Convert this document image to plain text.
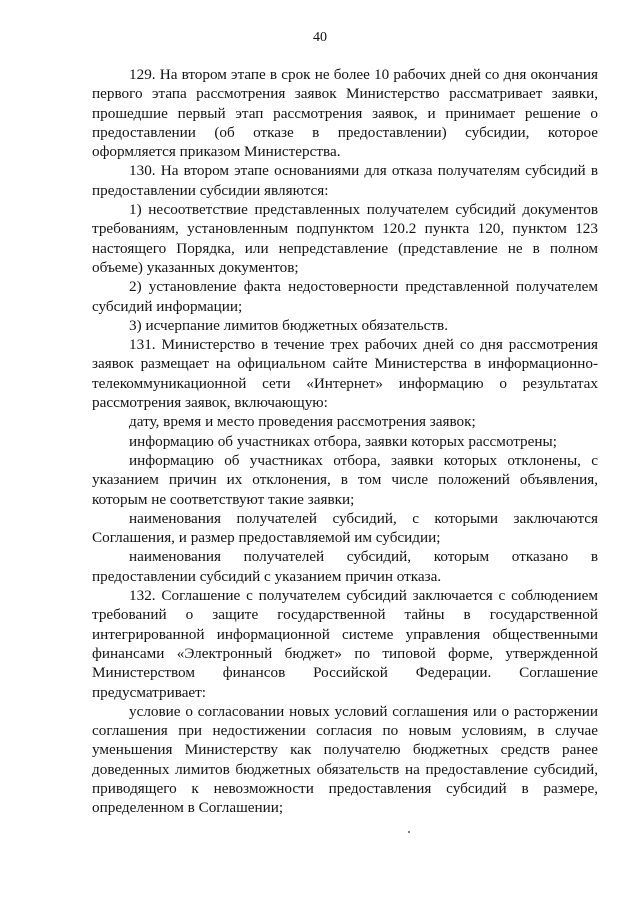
40

129. На втором этапе в срок не более 10 рабочих дней со дня окончания первого этапа рассмотрения заявок Министерство рассматривает заявки, прошедшие первый этап рассмотрения заявок, и принимает решение о предоставлении (об отказе в предоставлении) субсидии, которое оформляется приказом Министерства.

130. На втором этапе основаниями для отказа получателям субсидий в предоставлении субсидии являются:

1) несоответствие представленных получателем субсидий документов требованиям, установленным подпунктом 120.2 пункта 120, пунктом 123 настоящего Порядка, или непредставление (представление не в полном объеме) указанных документов;

2) установление факта недостоверности представленной получателем субсидий информации;

3) исчерпание лимитов бюджетных обязательств.

131. Министерство в течение трех рабочих дней со дня рассмотрения заявок размещает на официальном сайте Министерства в информационно-телекоммуникационной сети «Интернет» информацию о результатах рассмотрения заявок, включающую:

дату, время и место проведения рассмотрения заявок;

информацию об участниках отбора, заявки которых рассмотрены;

информацию об участниках отбора, заявки которых отклонены, с указанием причин их отклонения, в том числе положений объявления, которым не соответствуют такие заявки;

наименования получателей субсидий, с которыми заключаются Соглашения, и размер предоставляемой им субсидии;

наименования получателей субсидий, которым отказано в предоставлении субсидий с указанием причин отказа.

132. Соглашение с получателем субсидий заключается с соблюдением требований о защите государственной тайны в государственной интегрированной информационной системе управления общественными финансами «Электронный бюджет» по типовой форме, утвержденной Министерством финансов Российской Федерации. Соглашение предусматривает:

условие о согласовании новых условий соглашения или о расторжении соглашения при недостижении согласия по новым условиям, в случае уменьшения Министерству как получателю бюджетных средств ранее доведенных лимитов бюджетных обязательств на предоставление субсидий, приводящего к невозможности предоставления субсидий в размере, определенном в Соглашении;
